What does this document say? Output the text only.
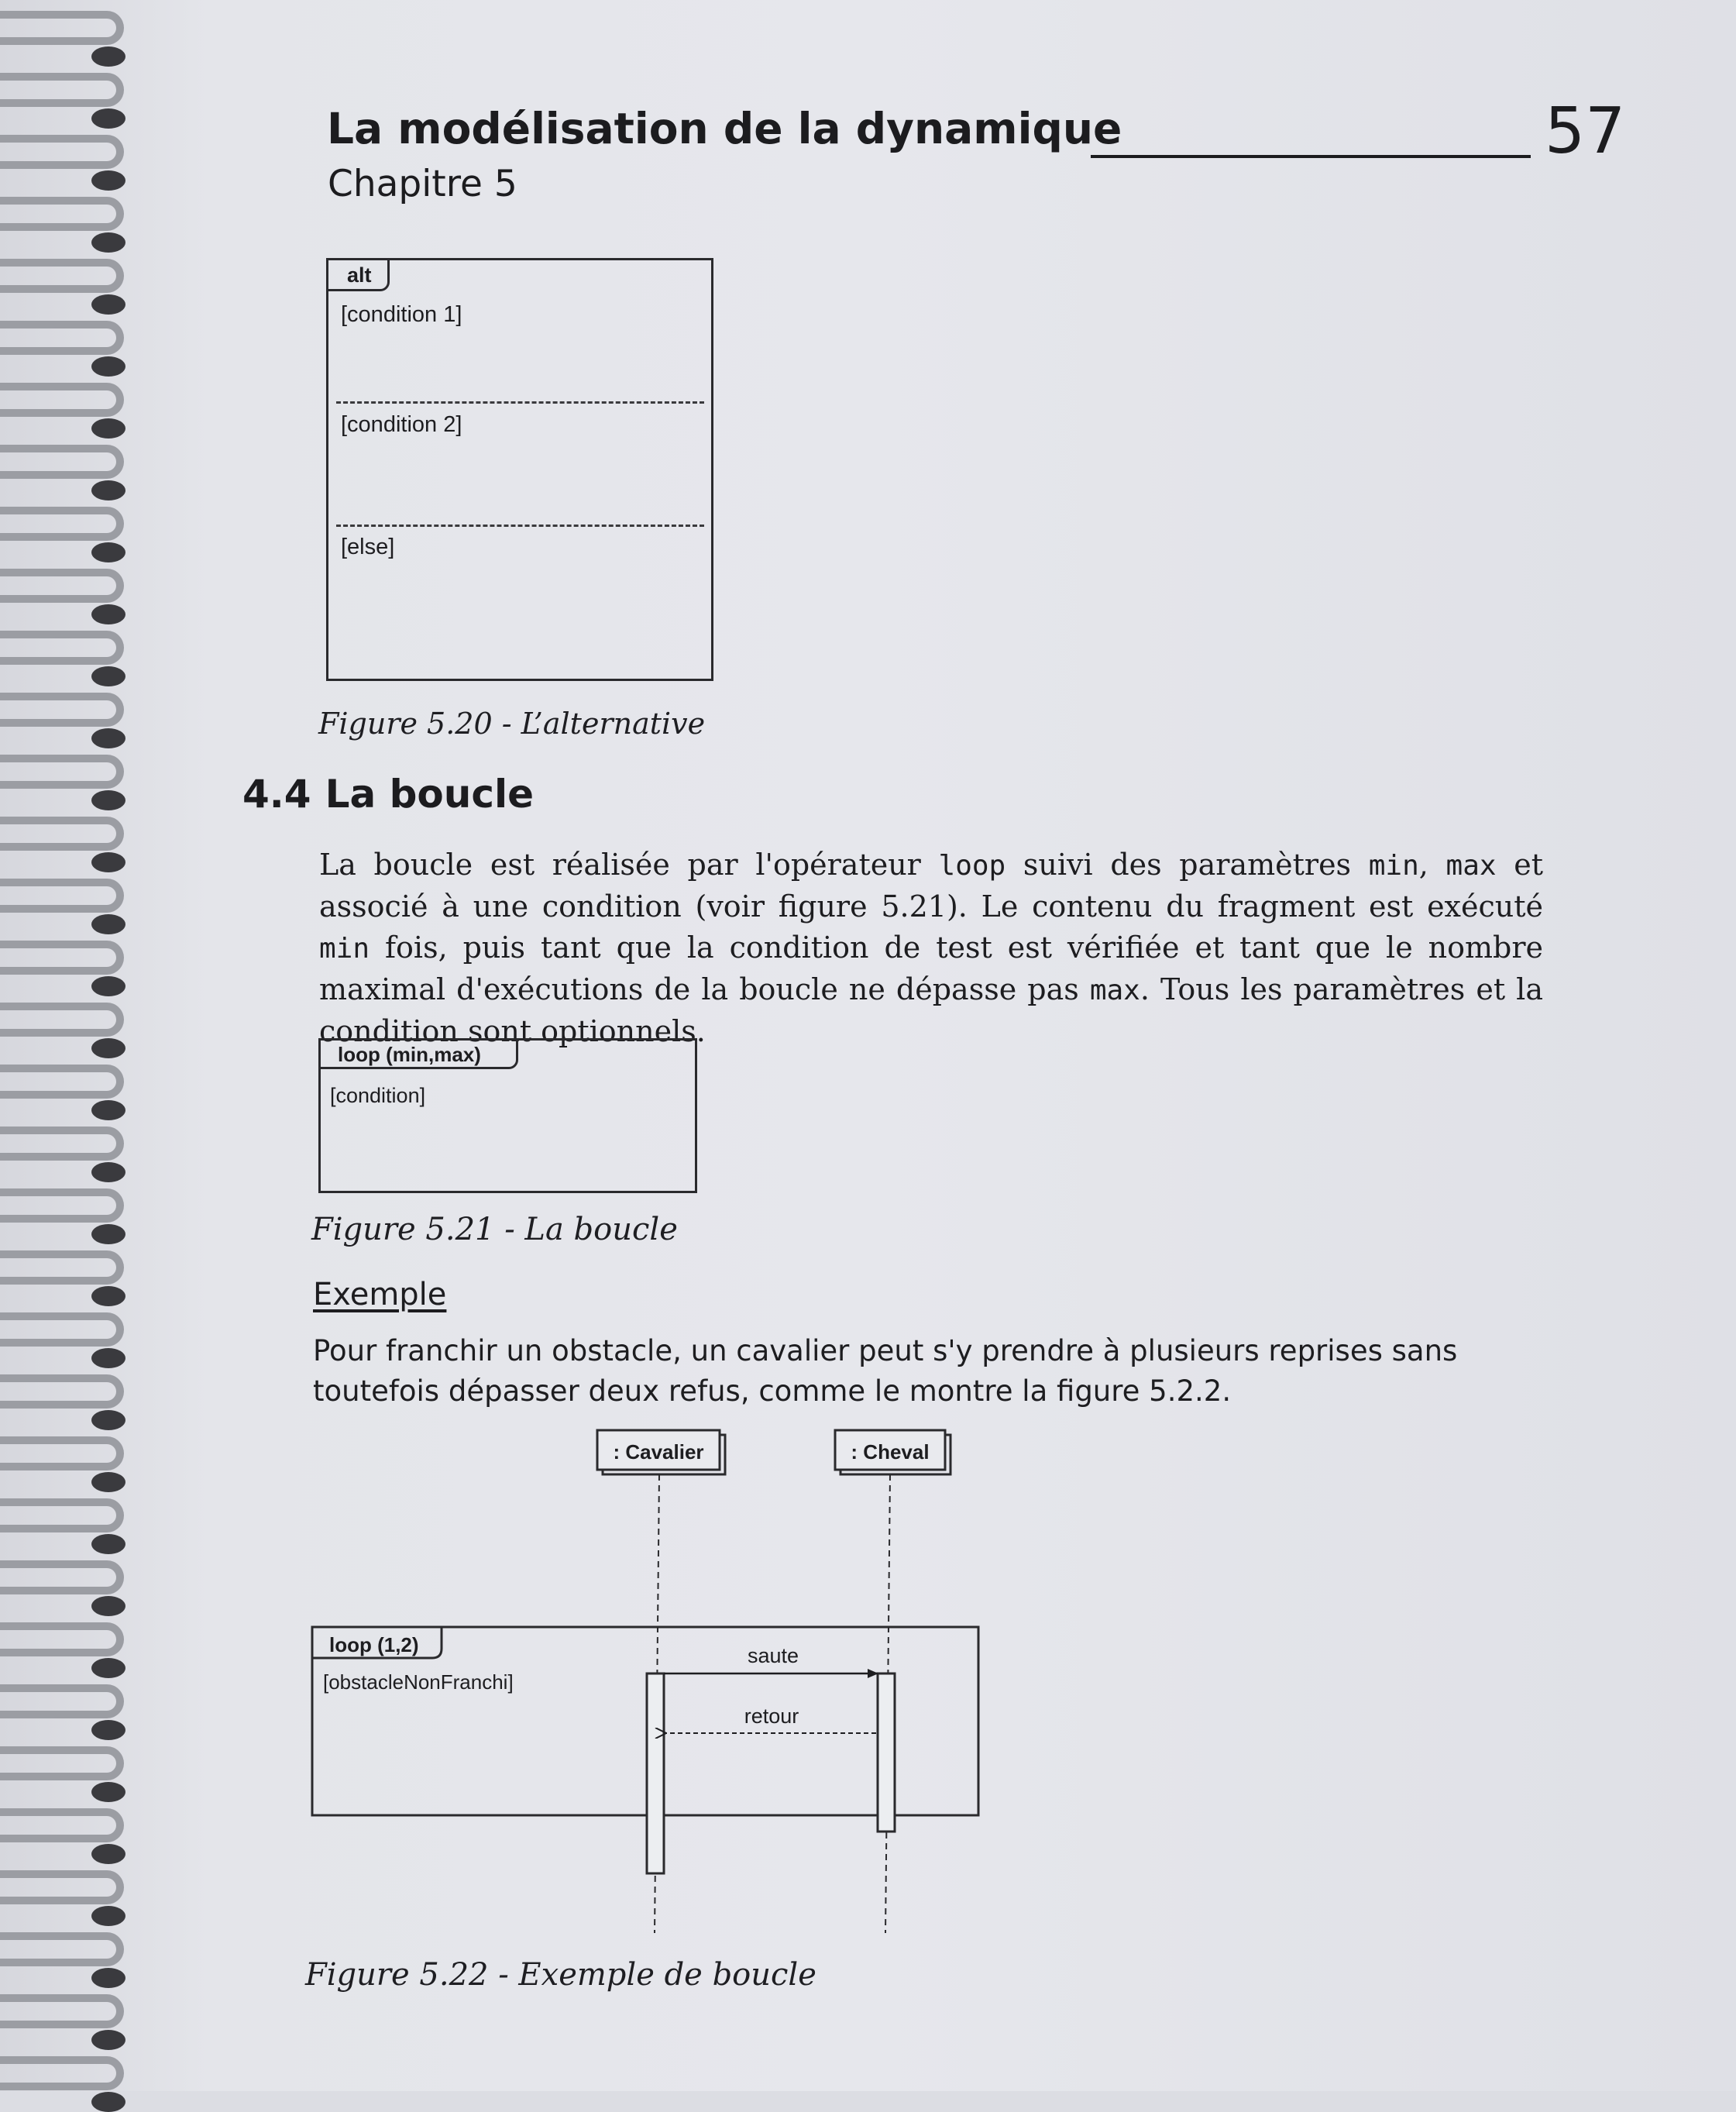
La modélisation de la dynamique	57
Chapitre 5
alt
[condition 1]
[condition 2]
[else]
Figure 5.20 - L’alternative
4.4 La boucle
La boucle est réalisée par l'opérateur loop suivi des paramètres min, max et associé à une condition (voir figure 5.21). Le contenu du fragment est exécuté min fois, puis tant que la condition de test est vérifiée et tant que le nombre maximal d'exécutions de la boucle ne dépasse pas max. Tous les paramètres et la condition sont optionnels.
loop (min,max)
[condition]
Figure 5.21 - La boucle
Exemple
Pour franchir un obstacle, un cavalier peut s'y prendre à plusieurs reprises sans toutefois dépasser deux refus, comme le montre la figure 5.2.2.
: Cavalier	: Cheval
loop (1,2)
[obstacleNonFranchi]
saute
retour
Figure 5.22 - Exemple de boucle
